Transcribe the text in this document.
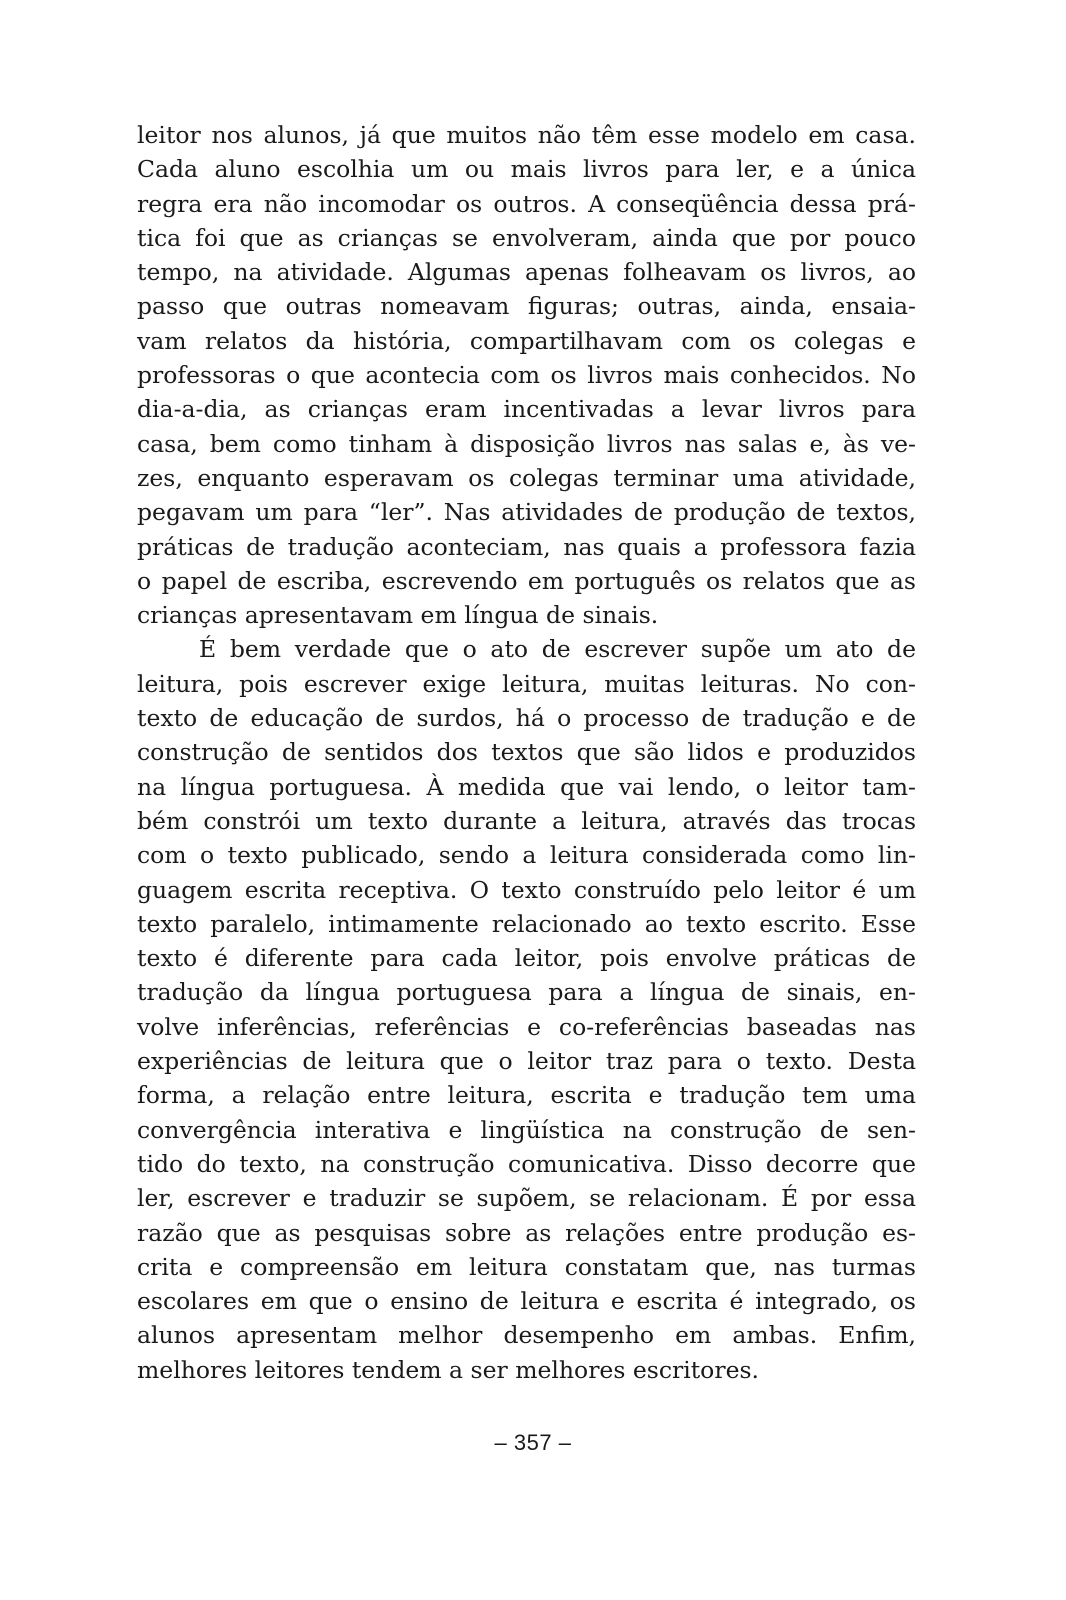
leitor nos alunos, já que muitos não têm esse modelo em casa.
Cada aluno escolhia um ou mais livros para ler, e a única
regra era não incomodar os outros. A conseqüência dessa prá-
tica foi que as crianças se envolveram, ainda que por pouco
tempo, na atividade. Algumas apenas folheavam os livros, ao
passo que outras nomeavam figuras; outras, ainda, ensaia-
vam relatos da história, compartilhavam com os colegas e
professoras o que acontecia com os livros mais conhecidos. No
dia-a-dia, as crianças eram incentivadas a levar livros para
casa, bem como tinham à disposição livros nas salas e, às ve-
zes, enquanto esperavam os colegas terminar uma atividade,
pegavam um para “ler”. Nas atividades de produção de textos,
práticas de tradução aconteciam, nas quais a professora fazia
o papel de escriba, escrevendo em português os relatos que as
crianças apresentavam em língua de sinais.
É bem verdade que o ato de escrever supõe um ato de
leitura, pois escrever exige leitura, muitas leituras. No con-
texto de educação de surdos, há o processo de tradução e de
construção de sentidos dos textos que são lidos e produzidos
na língua portuguesa. À medida que vai lendo, o leitor tam-
bém constrói um texto durante a leitura, através das trocas
com o texto publicado, sendo a leitura considerada como lin-
guagem escrita receptiva. O texto construído pelo leitor é um
texto paralelo, intimamente relacionado ao texto escrito. Esse
texto é diferente para cada leitor, pois envolve práticas de
tradução da língua portuguesa para a língua de sinais, en-
volve inferências, referências e co-referências baseadas nas
experiências de leitura que o leitor traz para o texto. Desta
forma, a relação entre leitura, escrita e tradução tem uma
convergência interativa e lingüística na construção de sen-
tido do texto, na construção comunicativa. Disso decorre que
ler, escrever e traduzir se supõem, se relacionam. É por essa
razão que as pesquisas sobre as relações entre produção es-
crita e compreensão em leitura constatam que, nas turmas
escolares em que o ensino de leitura e escrita é integrado, os
alunos apresentam melhor desempenho em ambas. Enfim,
melhores leitores tendem a ser melhores escritores.
– 357 –
